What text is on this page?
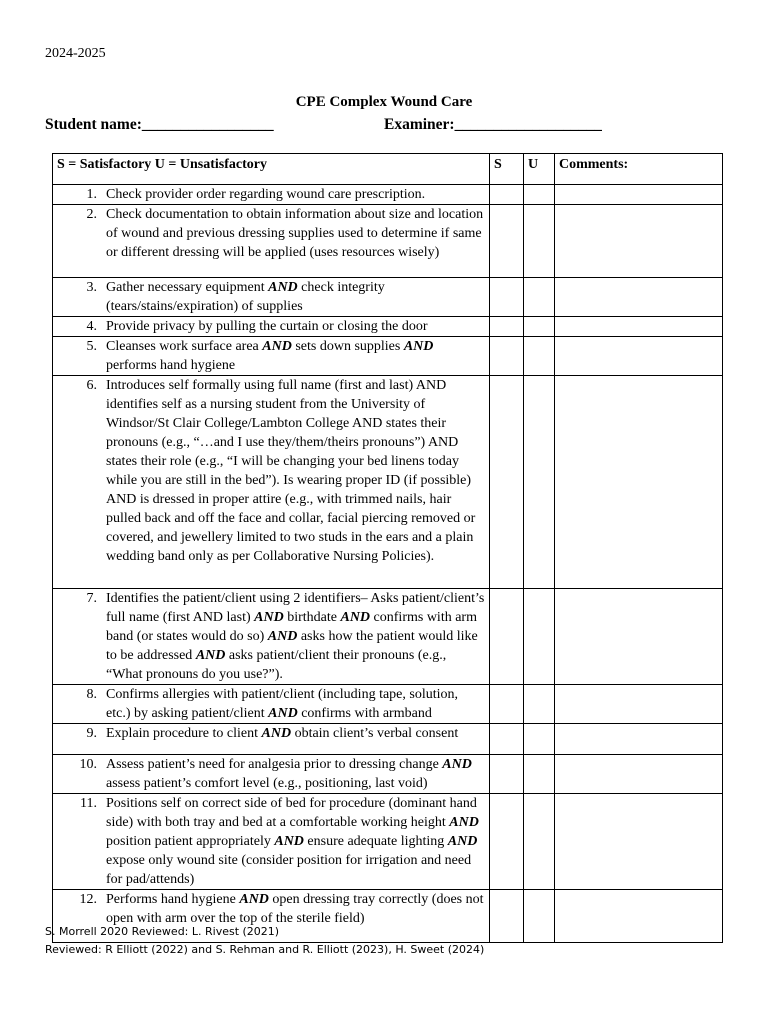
2024-2025
CPE Complex Wound Care
Student name:_________________	Examiner:___________________
S = Satisfactory U = Unsatisfactory	S	U	Comments:

1. Check provider order regarding wound care prescription.			

2. Check documentation to obtain information about size and location of wound and previous dressing supplies used to determine if same or different dressing will be applied (uses resources wisely)			

3. Gather necessary equipment AND check integrity (tears/stains/expiration) of supplies			

4. Provide privacy by pulling the curtain or closing the door			

5. Cleanses work surface area AND sets down supplies AND performs hand hygiene			

6. Introduces self formally using full name (first and last) AND identifies self as a nursing student from the University of Windsor/St Clair College/Lambton College AND states their pronouns (e.g., “…and I use they/them/theirs pronouns”) AND states their role (e.g., “I will be changing your bed linens today while you are still in the bed”). Is wearing proper ID (if possible) AND is dressed in proper attire (e.g., with trimmed nails, hair pulled back and off the face and collar, facial piercing removed or covered, and jewellery limited to two studs in the ears and a plain wedding band only as per Collaborative Nursing Policies).			

7. Identifies the patient/client using 2 identifiers– Asks patient/client’s full name (first AND last) AND birthdate AND confirms with arm band (or states would do so) AND asks how the patient would like to be addressed AND asks patient/client their pronouns (e.g., “What pronouns do you use?”).			

8. Confirms allergies with patient/client (including tape, solution, etc.) by asking patient/client AND confirms with armband			

9. Explain procedure to client AND obtain client’s verbal consent			

10. Assess patient’s need for analgesia prior to dressing change AND assess patient’s comfort level (e.g., positioning, last void)			

11. Positions self on correct side of bed for procedure (dominant hand side) with both tray and bed at a comfortable working height AND position patient appropriately AND ensure adequate lighting AND expose only wound site (consider position for irrigation and need for pad/attends)			

12. Performs hand hygiene AND open dressing tray correctly (does not open with arm over the top of the sterile field)			

S. Morrell 2020 Reviewed: L. Rivest (2021)
Reviewed: R Elliott (2022) and S. Rehman and R. Elliott (2023), H. Sweet (2024)
